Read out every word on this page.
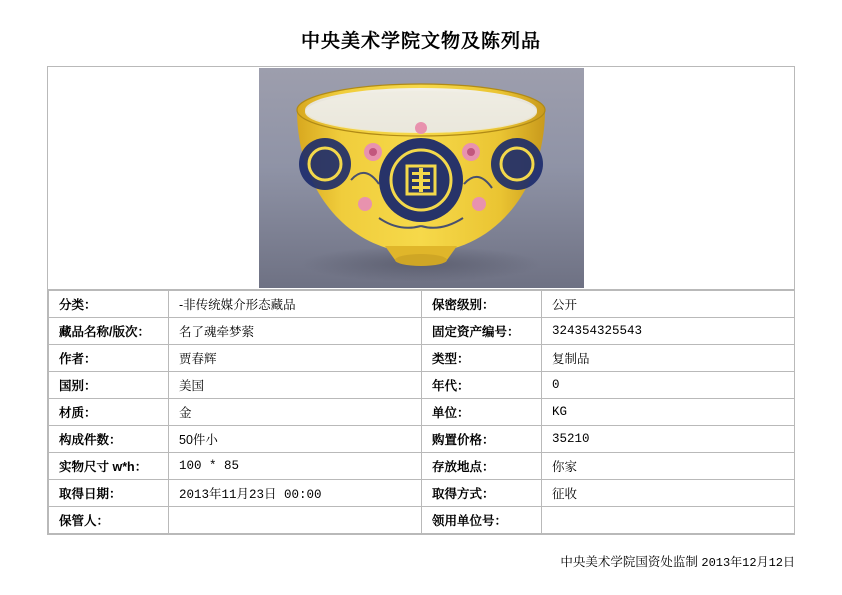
中央美术学院文物及陈列品
分类：	-非传统媒介形态藏品	保密级别：	公开
藏品名称/版次：	名了魂牵梦萦	固定资产编号：	324354325543
作者：	贾春辉	类型：	复制品
国别：	美国	年代：	0
材质：	金	单位：	KG
构成件数：	50件小	购置价格：	35210
实物尺寸 w*h：	100 * 85	存放地点：	你家
取得日期：	2013年11月23日 00:00	取得方式：	征收
保管人：		领用单位号：	
中央美术学院国资处监制 2013年12月12日
